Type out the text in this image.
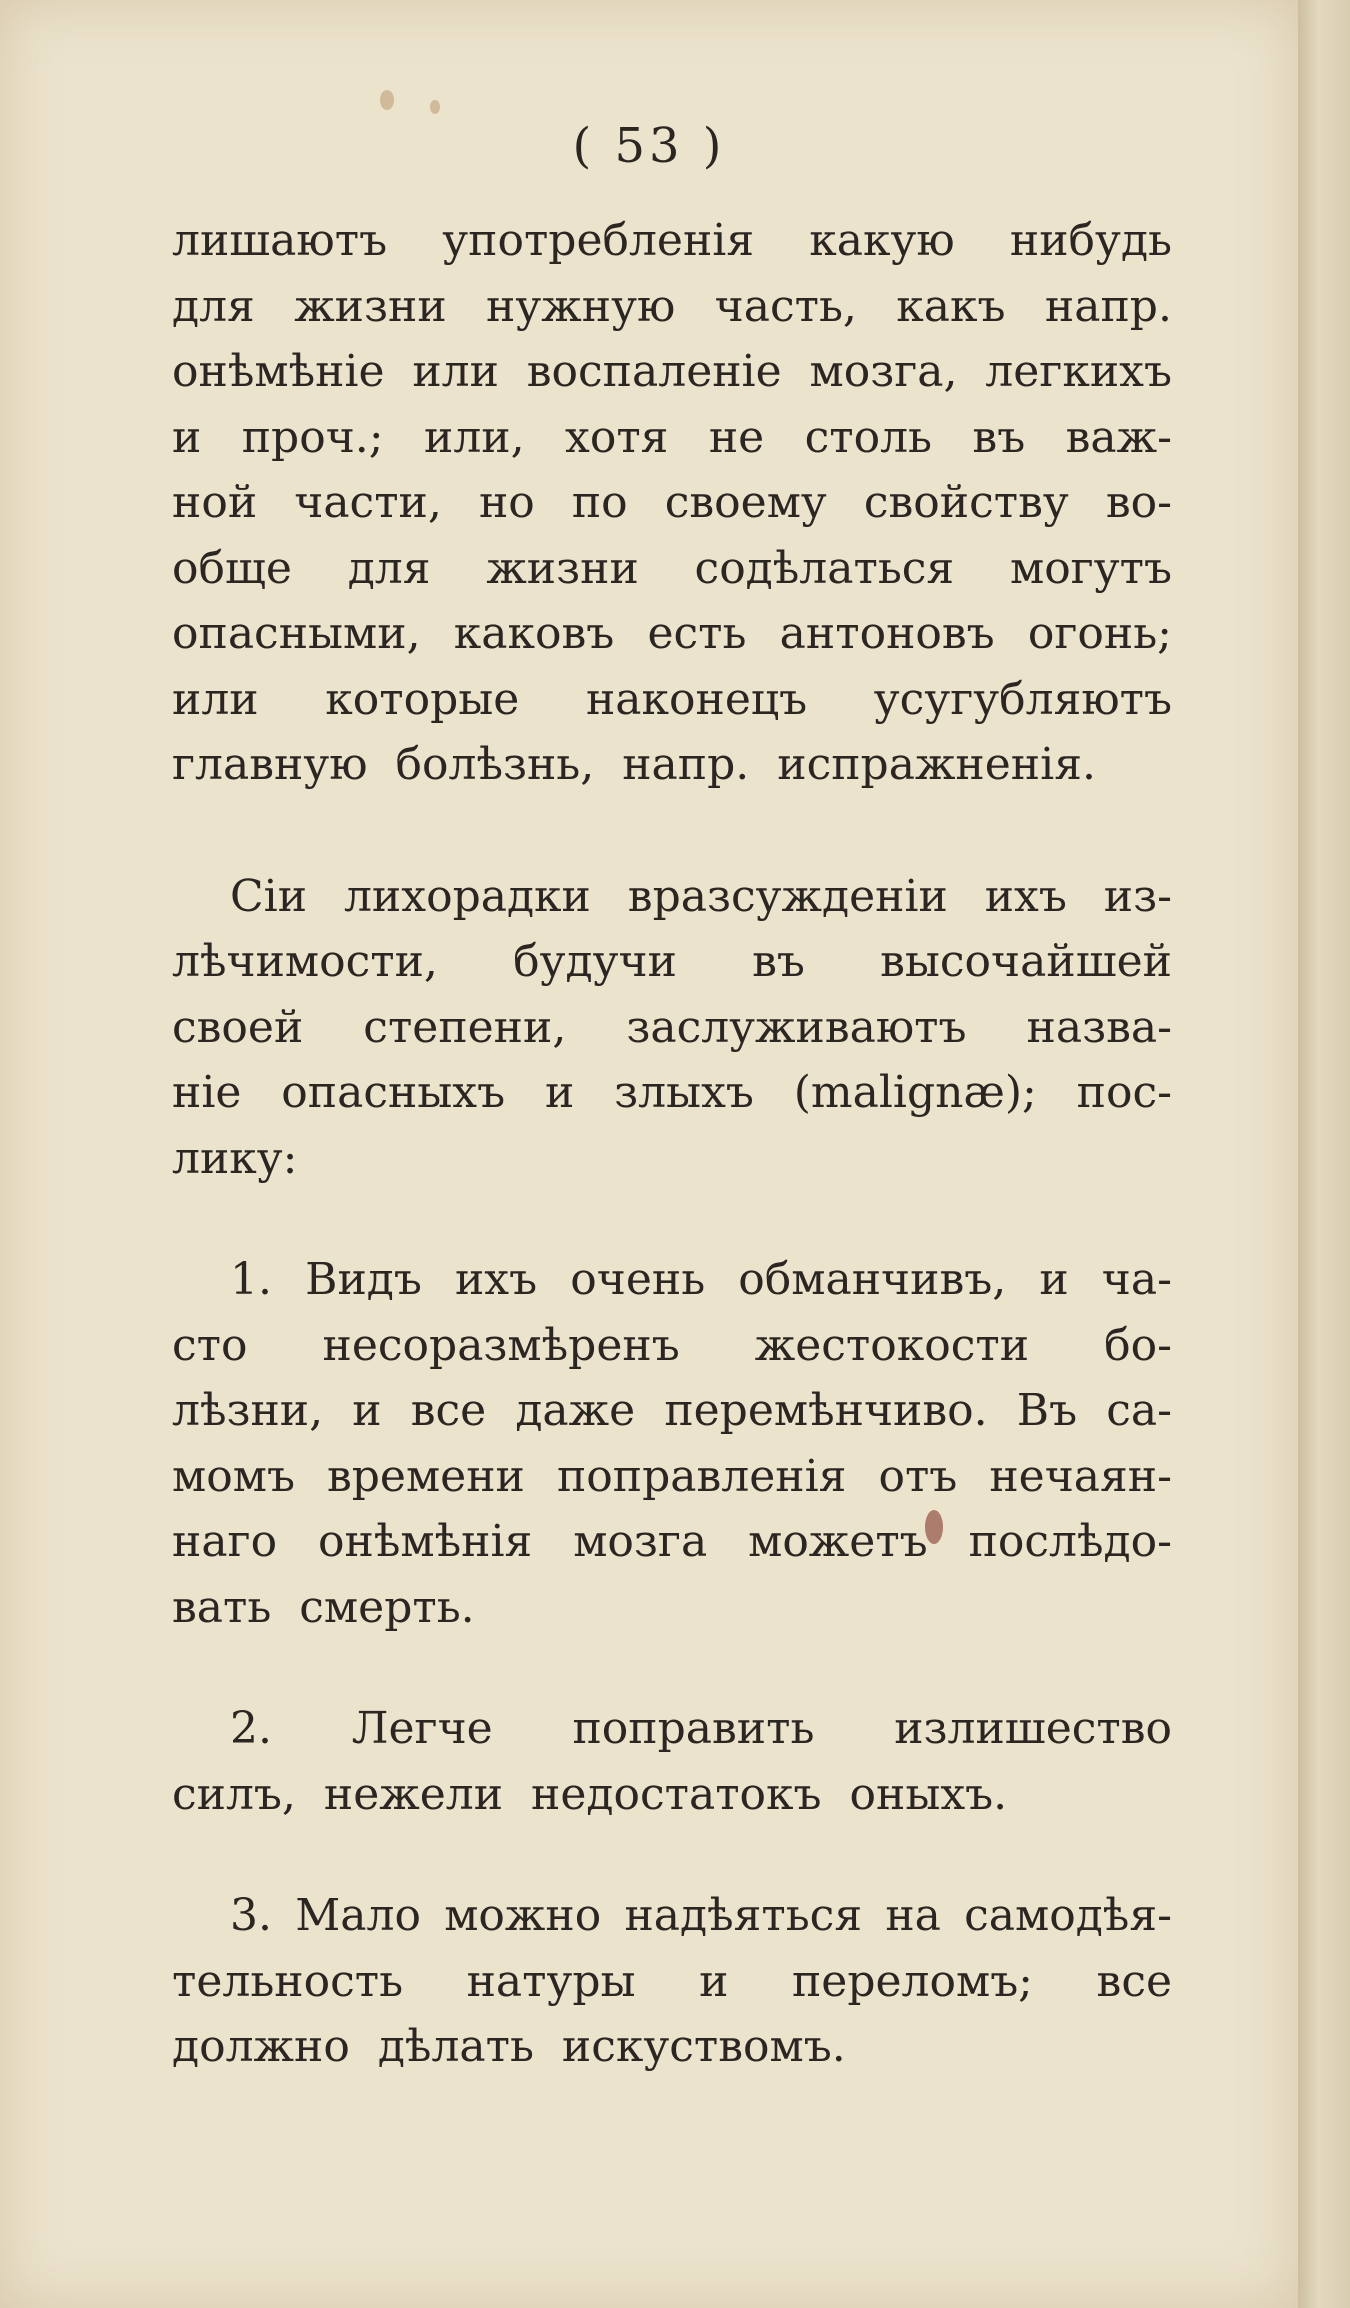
( 53 )
лишаютъ употребленія какую нибудь
для жизни нужную часть, какъ напр.
онѣмѣніе или воспаленіе мозга, легкихъ
и проч.; или, хотя не столь въ важ-
ной части, но по своему свойству во-
обще для жизни содѣлаться могутъ
опасными, каковъ есть антоновъ огонь;
или которые наконецъ усугубляютъ
главную болѣзнь, напр. испражненія.
Сіи лихорадки вразсужденіи ихъ из-
лѣчимости, будучи въ высочайшей
своей степени, заслуживаютъ назва-
ніе опасныхъ и злыхъ (malignæ); пос-
лику:
1. Видъ ихъ очень обманчивъ, и ча-
сто несоразмѣренъ жестокости бо-
лѣзни, и все даже перемѣнчиво. Въ са-
момъ времени поправленія отъ нечаян-
наго онѣмѣнія мозга можетъ послѣдо-
вать смерть.
2. Легче поправить излишество
силъ, нежели недостатокъ оныхъ.
3. Мало можно надѣяться на самодѣя-
тельность натуры и переломъ; все
должно дѣлать искуствомъ.
